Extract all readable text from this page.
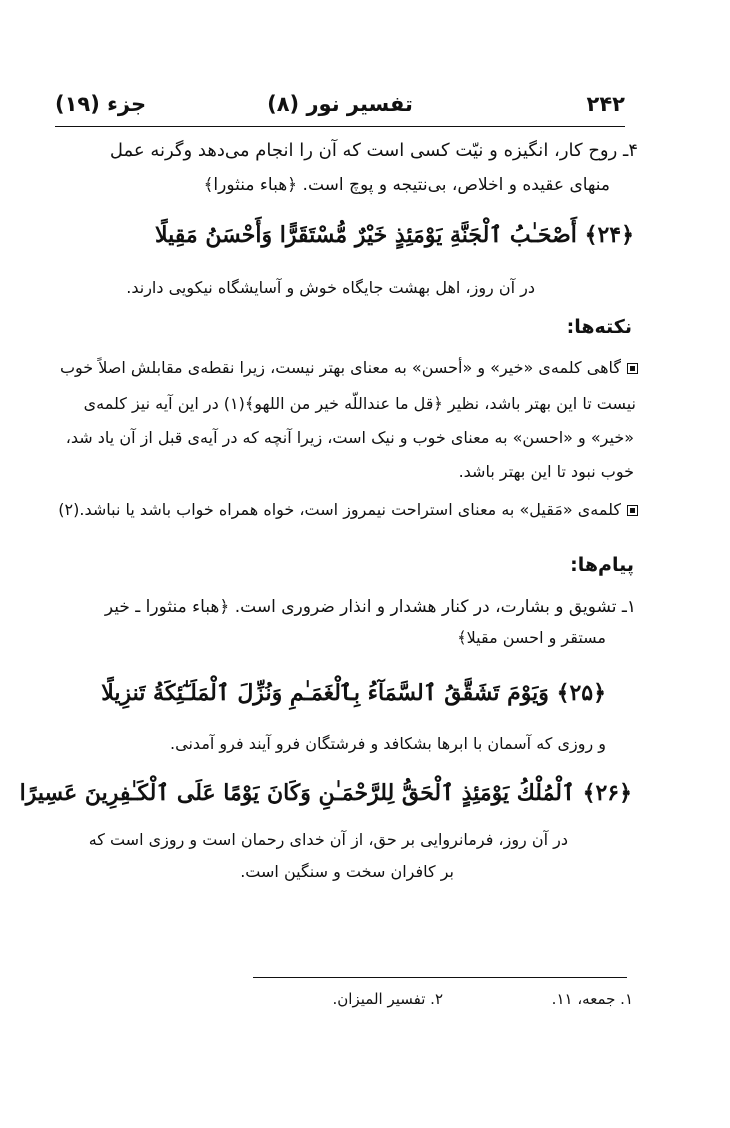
۲۴۲
تفسیر نور (۸)
جزء (۱۹)
۴ـ روح کار، انگیزه و نیّت کسی است که آن را انجام می‌دهد وگرنه عمل
منهای عقیده و اخلاص، بی‌نتیجه و پوچ است. ﴿هباء منثورا﴾
﴿۲۴﴾ أَصْحَـٰبُ ٱلْجَنَّةِ يَوْمَئِذٍ خَيْرٌ مُّسْتَقَرًّا وَأَحْسَنُ مَقِيلًا
در آن روز، اهل بهشت جایگاه خوش و آسایشگاه نیکویی دارند.
نکته‌ها:
گاهی کلمه‌ی «خیر» و «أحسن» به معنای بهتر نیست، زیرا نقطه‌ی مقابلش اصلاً خوب
نیست تا این بهتر باشد، نظیر ﴿قل ما عنداللّه خیر من اللهو﴾(۱) در این آیه نیز کلمه‌ی
«خیر» و «احسن» به معنای خوب و نیک است، زیرا آنچه که در آیه‌ی قبل از آن یاد شد،
خوب نبود تا این بهتر باشد.
کلمه‌ی «مَقیل» به معنای استراحت نیمروز است، خواه همراه خواب باشد یا نباشد.(۲)
پیام‌ها:
۱ـ تشویق و بشارت، در کنار هشدار و انذار ضروری است. ﴿هباء منثورا ـ خیر
مستقر و احسن مقیلا﴾
﴿۲۵﴾ وَيَوْمَ تَشَقَّقُ ٱلسَّمَآءُ بِٱلْغَمَـٰمِ وَنُزِّلَ ٱلْمَلَـٰٓئِكَةُ تَنزِيلًا
و روزی که آسمان با ابرها بشکافد و فرشتگان فرو آیند فرو آمدنی.
﴿۲۶﴾ ٱلْمُلْكُ يَوْمَئِذٍ ٱلْحَقُّ لِلرَّحْمَـٰنِ وَكَانَ يَوْمًا عَلَى ٱلْكَـٰفِرِينَ عَسِيرًا
در آن روز، فرمانروایی بر حق، از آن خدای رحمان است و روزی است که
بر کافران سخت و سنگین است.
۱. جمعه، ۱۱.
۲. تفسیر المیزان.
